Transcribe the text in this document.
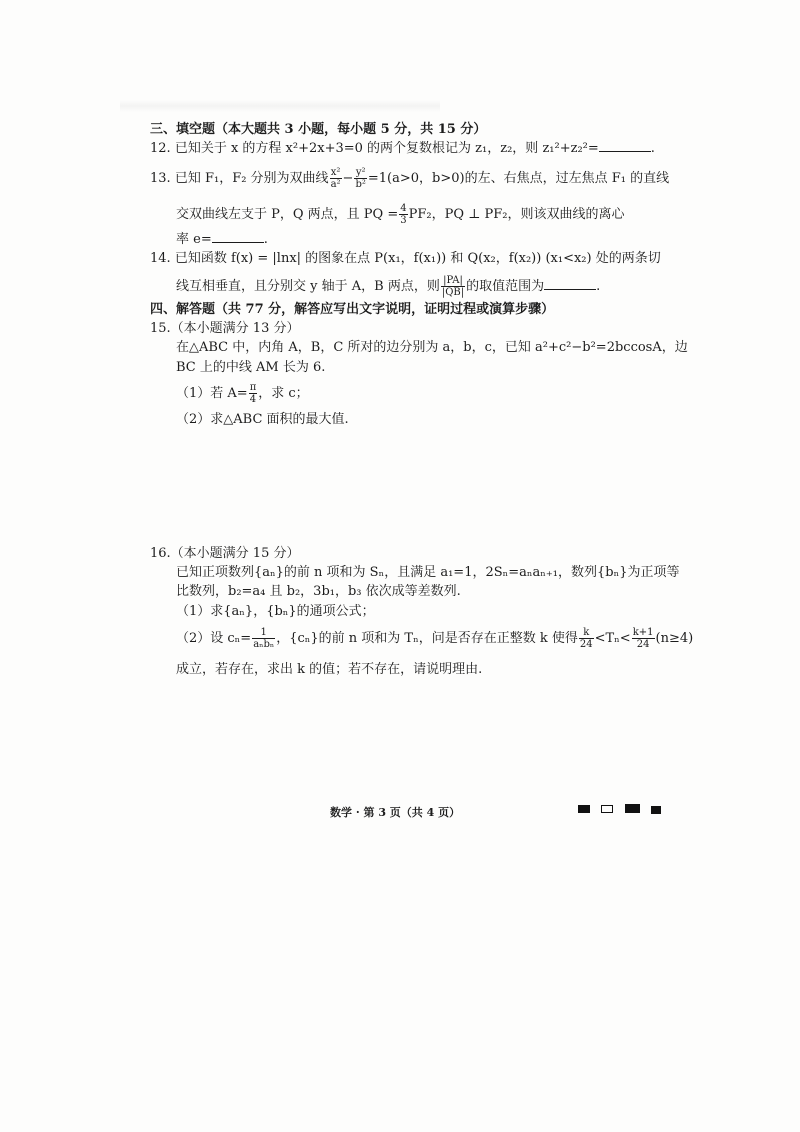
三、填空题（本大题共 3 小题，每小题 5 分，共 15 分）
12. 已知关于 x 的方程 x²+2x+3=0 的两个复数根记为 z₁，z₂，则 z₁²+z₂²=	.
13. 已知 F₁，F₂ 分别为双曲线 $\frac{\text{x²}}{\text{a²}} - \frac{\text{y²}}{\text{b²}} =1(a>0$，b>0)的左、右焦点，过左焦点 F₁ 的直线
交双曲线左支于 P，Q 两点，且 PQ = $\frac{4}{3} PF_2$，PQ ⊥ PF₂，则该双曲线的离心
率 e=	.
14. 已知函数 f(x) = |lnx| 的图象在点 P(x₁，f(x₁)) 和 Q(x₂，f(x₂)) (x₁<x₂) 处的两条切
线互相垂直，且分别交 y 轴于 A，B 两点，则 $\frac{|PA|}{|QB|}$ 的取值范围为	.
四、解答题（共 77 分，解答应写出文字说明，证明过程或演算步骤）
15.（本小题满分 13 分）
在△ABC 中，内角 A，B，C 所对的边分别为 a，b，c，已知 a²+c²−b²=2bccosA，边
BC 上的中线 AM 长为 6.
（1）若 $A= \frac{\pi}{4}$ ，求 c；
（2）求△ABC 面积的最大值.
16.（本小题满分 15 分）
已知正项数列{aₙ}的前 n 项和为 Sₙ，且满足 a₁=1，2Sₙ=aₙaₙ₊₁，数列{bₙ}为正项等
比数列，b₂=a₄ 且 b₂，3b₁，b₃ 依次成等差数列.
（1）求{aₙ}，{bₙ}的通项公式；
（2）设 $c_n= \frac{1}{\text{aₙbₙ}}$ ，{cₙ}的前 n 项和为 Tₙ，问是否存在正整数 k 使得 $\frac{k}{24} <T_n< \frac{k+1}{24} (n\ge 4)$
成立，若存在，求出 k 的值；若不存在，请说明理由.
数学 · 第 3 页（共 4 页）
